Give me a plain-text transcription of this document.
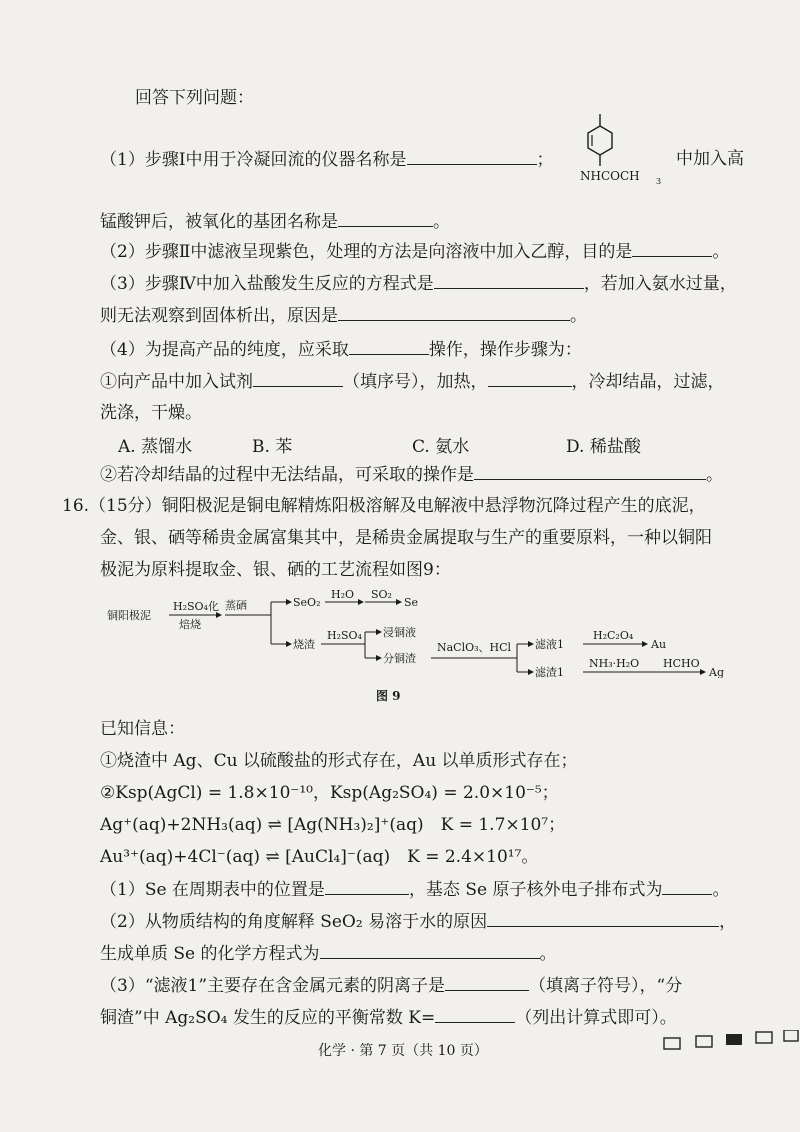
回答下列问题：
（1）步骤Ⅰ中用于冷凝回流的仪器名称是	；
NHCOCH 3
中加入高
锰酸钾后，被氧化的基团名称是	。
（2）步骤Ⅱ中滤液呈现紫色，处理的方法是向溶液中加入乙醇，目的是	。
（3）步骤Ⅳ中加入盐酸发生反应的方程式是	，若加入氨水过量，
则无法观察到固体析出，原因是	。
（4）为提高产品的纯度，应采取	操作，操作步骤为：
①向产品中加入试剂	（填序号），加热，	，冷却结晶，过滤，
洗涤，干燥。
A. 蒸馏水	B. 苯	C. 氨水	D. 稀盐酸
②若冷却结晶的过程中无法结晶，可采取的操作是	。
16.（15分）铜阳极泥是铜电解精炼阳极溶解及电解液中悬浮物沉降过程产生的底泥，
金、银、硒等稀贵金属富集其中，是稀贵金属提取与生产的重要原料，一种以铜阳
极泥为原料提取金、银、硒的工艺流程如图9：
铜阳极泥
H₂SO₄化
焙烧
蒸硒	SeO₂
H₂O SO₂
Se
烧渣
H₂SO₄ 浸铜液
分铜渣
NaClO₃、HCl 滤液1
H₂C₂O₄
Au
滤渣1
NH₃·H₂O HCHO
Ag
图 9
已知信息：
①烧渣中 Ag、Cu 以硫酸盐的形式存在，Au 以单质形式存在；
②Ksp(AgCl) = 1.8×10⁻¹⁰，Ksp(Ag₂SO₄) = 2.0×10⁻⁵；
Ag⁺(aq)+2NH₃(aq) ⇌ [Ag(NH₃)₂]⁺(aq)　K = 1.7×10⁷；
Au³⁺(aq)+4Cl⁻(aq) ⇌ [AuCl₄]⁻(aq)　K = 2.4×10¹⁷。
（1）Se 在周期表中的位置是	，基态 Se 原子核外电子排布式为	。
（2）从物质结构的角度解释 SeO₂ 易溶于水的原因	，
生成单质 Se 的化学方程式为	。
（3）“滤液1”主要存在含金属元素的阴离子是	（填离子符号），“分
铜渣”中 Ag₂SO₄ 发生的反应的平衡常数 K=	（列出计算式即可）。
化学 · 第 7 页（共 10 页）
